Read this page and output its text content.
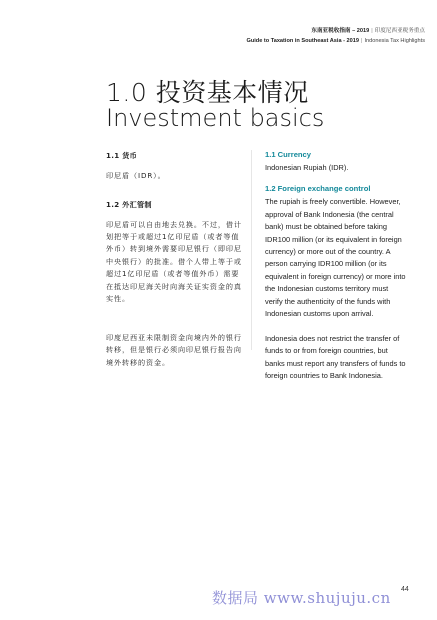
东南亚税收指南 – 2019 | 印度尼西亚税务重点
Guide to Taxation in Southeast Asia - 2019 | Indonesia Tax Highlights
1.0 投资基本情况
Investment basics
1.1 货币

印尼盾（IDR）。

1.2 外汇管制

印尼盾可以自由地去兑换。不过，借计划把等于或超过1亿印尼盾（或者等值外币）转到境外需要印尼银行（即印尼中央银行）的批准。借个人带上等于或超过1亿印尼盾（或者等值外币）需要在抵达印尼海关时向海关证实资金的真实性。

印度尼西亚未限制资金向境内外的银行转移，但是银行必须向印尼银行报告向境外转移的资金。

1.1 Currency

Indonesian Rupiah (IDR).

1.2 Foreign exchange control

The rupiah is freely convertible. However, approval of Bank Indonesia (the central bank) must be obtained before taking IDR100 million (or its equivalent in foreign currency) or more out of the country. A person carrying IDR100 million (or its equivalent in foreign currency) or more into the Indonesian customs territory must verify the authenticity of the funds with Indonesian customs upon arrival.

Indonesia does not restrict the transfer of funds to or from foreign countries, but banks must report any transfers of funds to foreign countries to Bank Indonesia.

数据局 www.shujuju.cn 44
